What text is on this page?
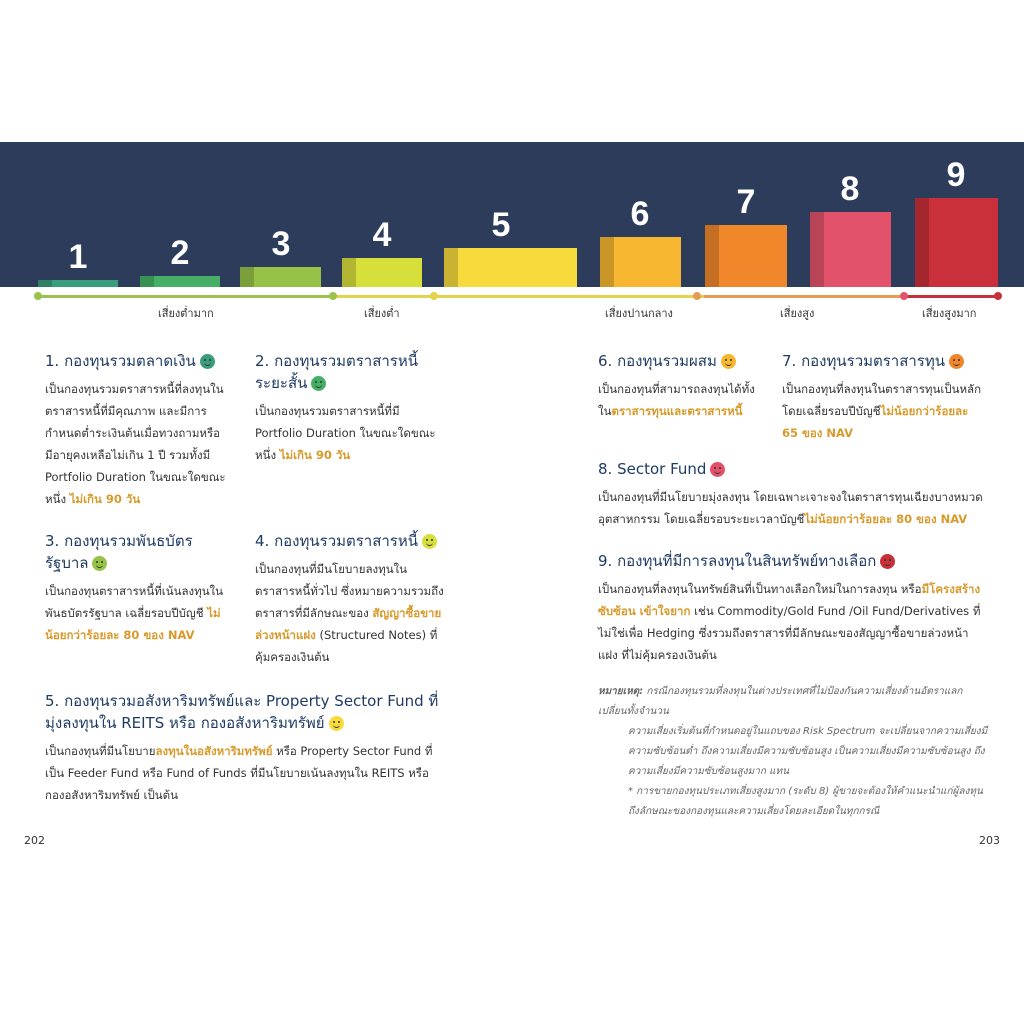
1	2	3	4	5	6	7	8	9
เสี่ยงต่ำมาก	เสี่ยงต่ำ	เสี่ยงปานกลาง	เสี่ยงสูง	เสี่ยงสูงมาก
1. กองทุนรวมตลาดเงิน

เป็นกองทุนรวมตราสารหนี้ที่ลงทุนในตราสารหนี้ที่มีคุณภาพ และมีการกำหนดต่ำระเงินต้นเมื่อทวงถามหรือมีอายุคงเหลือไม่เกิน 1 ปี รวมทั้งมี Portfolio Duration ในขณะใดขณะหนึ่ง ไม่เกิน 90 วัน

2. กองทุนรวมตราสารหนี้ระยะสั้น

เป็นกองทุนรวมตราสารหนี้ที่มี Portfolio Duration ในขณะใดขณะหนึ่ง ไม่เกิน 90 วัน

3. กองทุนรวมพันธบัตรรัฐบาล

เป็นกองทุนตราสารหนี้ที่เน้นลงทุนในพันธบัตรรัฐบาล เฉลี่ยรอบปีบัญชี ไม่น้อยกว่าร้อยละ 80 ของ NAV

4. กองทุนรวมตราสารหนี้

เป็นกองทุนที่มีนโยบายลงทุนในตราสารหนี้ทั่วไป ซึ่งหมายความรวมถึงตราสารที่มีลักษณะของ สัญญาซื้อขายล่วงหน้าแฝง (Structured Notes) ที่คุ้มครองเงินต้น

5. กองทุนรวมอสังหาริมทรัพย์และ Property Sector Fund ที่มุ่งลงทุนใน REITS หรือ กองอสังหาริมทรัพย์

เป็นกองทุนที่มีนโยบายลงทุนในอสังหาริมทรัพย์ หรือ Property Sector Fund ที่เป็น Feeder Fund หรือ Fund of Funds ที่มีนโยบายเน้นลงทุนใน REITS หรือกองอสังหาริมทรัพย์ เป็นต้น

6. กองทุนรวมผสม

เป็นกองทุนที่สามารถลงทุนได้ทั้งในตราสารทุนและตราสารหนี้

7. กองทุนรวมตราสารทุน

เป็นกองทุนที่ลงทุนในตราสารทุนเป็นหลัก โดยเฉลี่ยรอบปีบัญชีไม่น้อยกว่าร้อยละ 65 ของ NAV

8. Sector Fund

เป็นกองทุนที่มีนโยบายมุ่งลงทุน โดยเฉพาะเจาะจงในตราสารทุนเฉียงบางหมวดอุตสาหกรรม โดยเฉลี่ยรอบระยะเวลาบัญชีไม่น้อยกว่าร้อยละ 80 ของ NAV

9. กองทุนที่มีการลงทุนในสินทรัพย์ทางเลือก

เป็นกองทุนที่ลงทุนในทรัพย์สินที่เป็นทางเลือกใหม่ในการลงทุน หรือมีโครงสร้างซับซ้อน เข้าใจยาก เช่น Commodity/Gold Fund /Oil Fund/Derivatives ที่ไม่ใช่เพื่อ Hedging ซึ่งรวมถึงตราสารที่มีลักษณะของสัญญาซื้อขายล่วงหน้าแฝง ที่ไม่คุ้มครองเงินต้น

หมายเหตุ: กรณีกองทุนรวมที่ลงทุนในต่างประเทศที่ไม่ป้องกันความเสี่ยงด้านอัตราแลกเปลี่ยนทั้งจำนวน
ความเสี่ยงเริ่มต้นที่กำหนดอยู่ในแถบของ Risk Spectrum จะเปลี่ยนจากความเสี่ยงมีความซับซ้อนต่ำ ถึงความเสี่ยงมีความซับซ้อนสูง เป็นความเสี่ยงมีความซับซ้อนสูง ถึงความเสี่ยงมีความซับซ้อนสูงมาก แทน
* การขายกองทุนประเภทเสี่ยงสูงมาก (ระดับ 8) ผู้ขายจะต้องให้คำแนะนำแก่ผู้ลงทุนถึงลักษณะของกองทุนและความเสี่ยงโดยละเอียดในทุกกรณี
202	203
